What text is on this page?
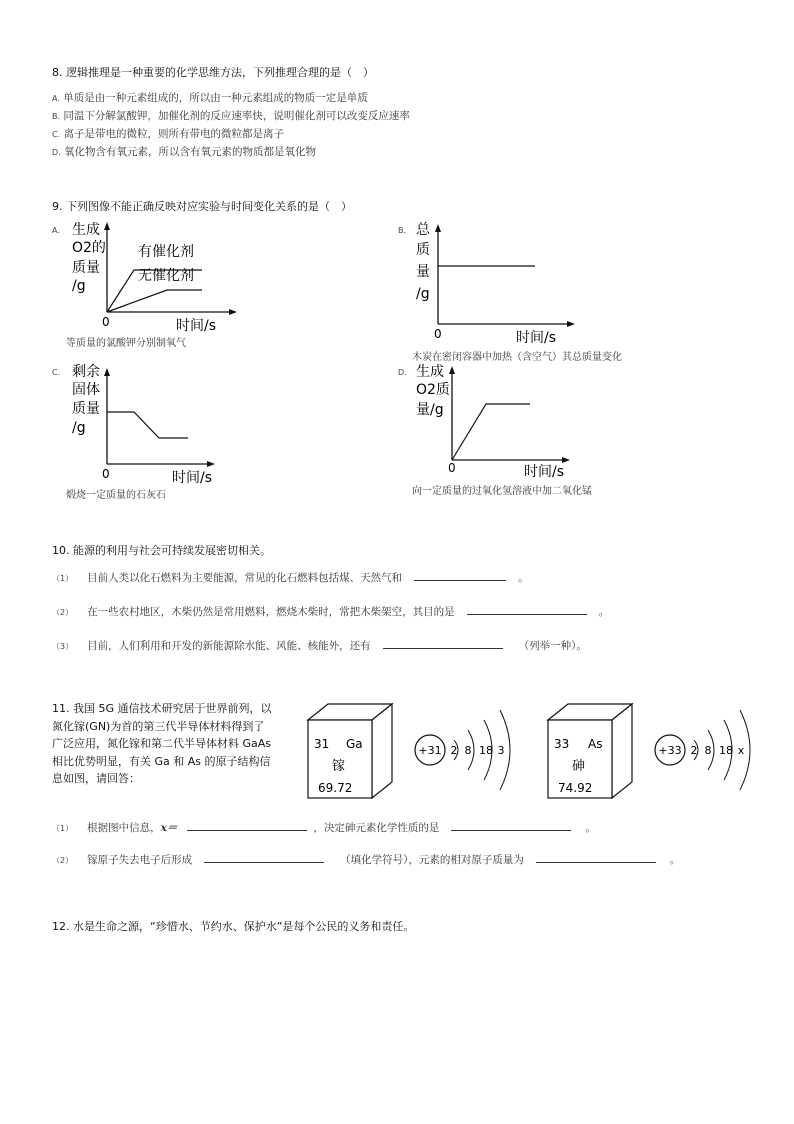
8. 逻辑推理是一种重要的化学思维方法，下列推理合理的是（　）
A. 单质是由一种元素组成的，所以由一种元素组成的物质一定是单质
B. 同温下分解氯酸钾，加催化剂的反应速率快，说明催化剂可以改变反应速率
C. 离子是带电的微粒，则所有带电的微粒都是离子
D. 氧化物含有氧元素，所以含有氧元素的物质都是氧化物
9. 下列图像不能正确反映对应实验与时间变化关系的是（　）
A. 生成
O2的
质量
/g
有催化剂
无催化剂
0	时间/s
等质量的氯酸钾分别制氧气
B. 总
质
量
/g
0	时间/s
木炭在密闭容器中加热（含空气）其总质量变化
C. 剩余
固体
质量
/g
0	时间/s
煅烧一定质量的石灰石
D. 生成
O2质
量/g
0	时间/s
向一定质量的过氧化氢溶液中加二氧化锰
10. 能源的利用与社会可持续发展密切相关。
（1） 目前人类以化石燃料为主要能源，常见的化石燃料包括煤、天然气和	。
（2） 在一些农村地区，木柴仍然是常用燃料，燃烧木柴时，常把木柴架空，其目的是	。
（3） 目前，人们利用和开发的新能源除水能、风能、核能外，还有	（列举一种）。
11. 我国 5G 通信技术研究居于世界前列，以
氮化镓(GN)为首的第三代半导体材料得到了
广泛应用，氮化镓和第二代半导体材料 GaAs
相比优势明显，有关 Ga 和 As 的原子结构信
息如图，请回答：
31 Ga
镓
69.72
+31 2 8 18 3	33 As
砷
74.92
+33 2 8 18 x
（1） 根据图中信息，x＝	，决定砷元素化学性质的是	。
（2） 镓原子失去电子后形成	（填化学符号），元素的相对原子质量为	。
12. 水是生命之源，“珍惜水、节约水、保护水”是每个公民的义务和责任。
